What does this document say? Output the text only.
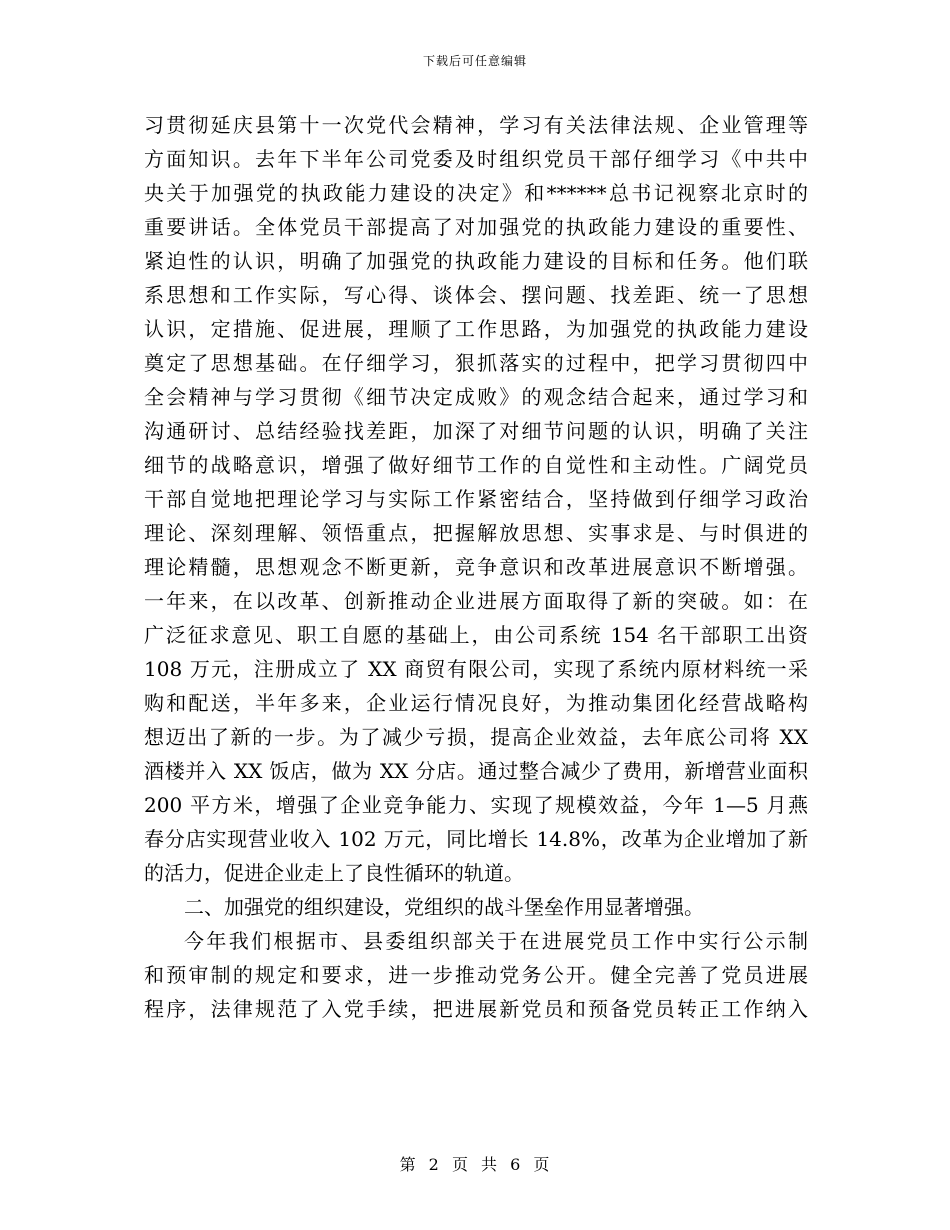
下载后可任意编辑
习贯彻延庆县第十一次党代会精神，学习有关法律法规、企业管理等
方面知识。去年下半年公司党委及时组织党员干部仔细学习《中共中
央关于加强党的执政能力建设的决定》和******总书记视察北京时的
重要讲话。全体党员干部提高了对加强党的执政能力建设的重要性、
紧迫性的认识，明确了加强党的执政能力建设的目标和任务。他们联
系思想和工作实际，写心得、谈体会、摆问题、找差距、统一了思想
认识，定措施、促进展，理顺了工作思路，为加强党的执政能力建设
奠定了思想基础。在仔细学习，狠抓落实的过程中，把学习贯彻四中
全会精神与学习贯彻《细节决定成败》的观念结合起来，通过学习和
沟通研讨、总结经验找差距，加深了对细节问题的认识，明确了关注
细节的战略意识，增强了做好细节工作的自觉性和主动性。广阔党员
干部自觉地把理论学习与实际工作紧密结合，坚持做到仔细学习政治
理论、深刻理解、领悟重点，把握解放思想、实事求是、与时俱进的
理论精髓，思想观念不断更新，竞争意识和改革进展意识不断增强。
一年来，在以改革、创新推动企业进展方面取得了新的突破。如：在
广泛征求意见、职工自愿的基础上，由公司系统 154 名干部职工出资
108 万元，注册成立了 XX 商贸有限公司，实现了系统内原材料统一采
购和配送，半年多来，企业运行情况良好，为推动集团化经营战略构
想迈出了新的一步。为了减少亏损，提高企业效益，去年底公司将 XX
酒楼并入 XX 饭店，做为 XX 分店。通过整合减少了费用，新增营业面积
200 平方米，增强了企业竞争能力、实现了规模效益，今年 1—5 月燕
春分店实现营业收入 102 万元，同比增长 14.8%，改革为企业增加了新
的活力，促进企业走上了良性循环的轨道。
二、加强党的组织建设，党组织的战斗堡垒作用显著增强。
今年我们根据市、县委组织部关于在进展党员工作中实行公示制
和预审制的规定和要求，进一步推动党务公开。健全完善了党员进展
程序，法律规范了入党手续，把进展新党员和预备党员转正工作纳入
第 2 页 共 6 页
